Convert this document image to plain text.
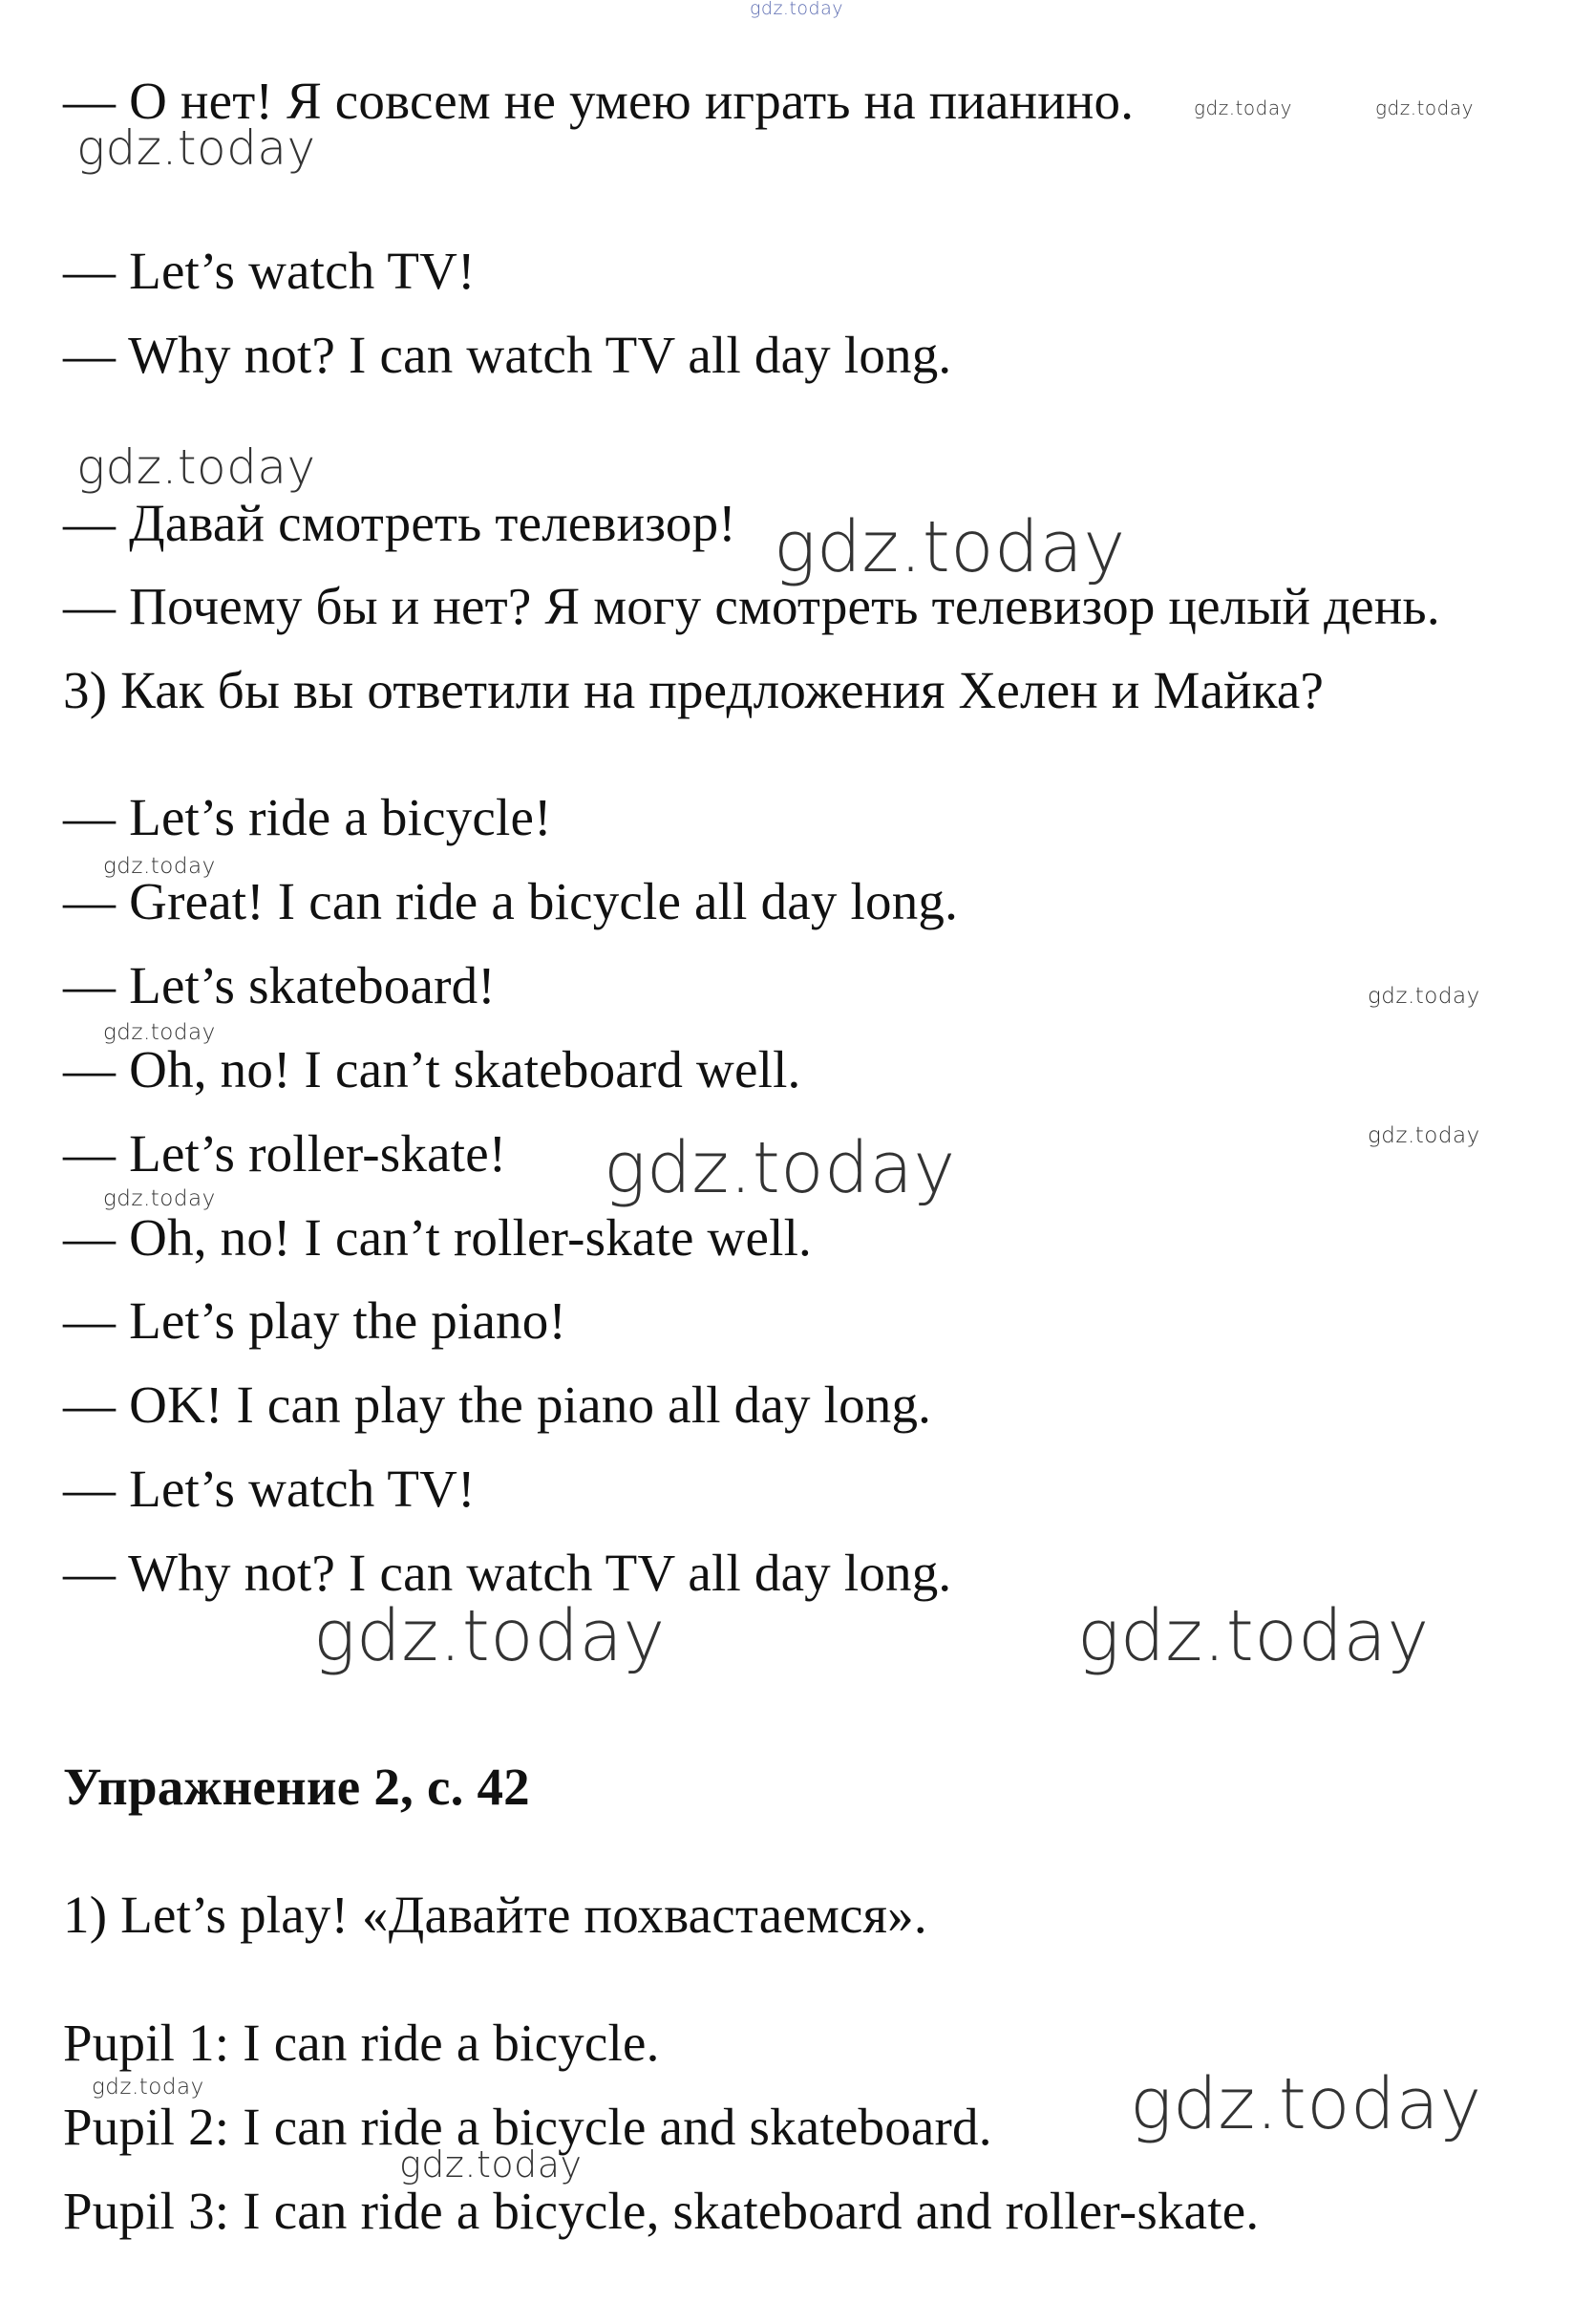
— О нет! Я совсем не умею играть на пианино.
— Let’s watch TV!
— Why not? I can watch TV all day long.
— Давай смотреть телевизор!
— Почему бы и нет? Я могу смотреть телевизор целый день.
3) Как бы вы ответили на предложения Хелен и Майка?
— Let’s ride a bicycle!
— Great! I can ride a bicycle all day long.
— Let’s skateboard!
— Oh, no! I can’t skateboard well.
— Let’s roller-skate!
— Oh, no! I can’t roller-skate well.
— Let’s play the piano!
— OK! I can play the piano all day long.
— Let’s watch TV!
— Why not? I can watch TV all day long.
Упражнение 2, с. 42
1) Let’s play! «Давайте похвастаемся».
Pupil 1: I can ride a bicycle.
Pupil 2: I can ride a bicycle and skateboard.
Pupil 3: I can ride a bicycle, skateboard and roller-skate.
gdz.today
gdz.today	gdz.today
gdz.today
gdz.today
gdz.today
gdz.today
gdz.today
gdz.today
gdz.today
gdz.today
gdz.today
gdz.today	gdz.today
gdz.today	gdz.today
gdz.today
